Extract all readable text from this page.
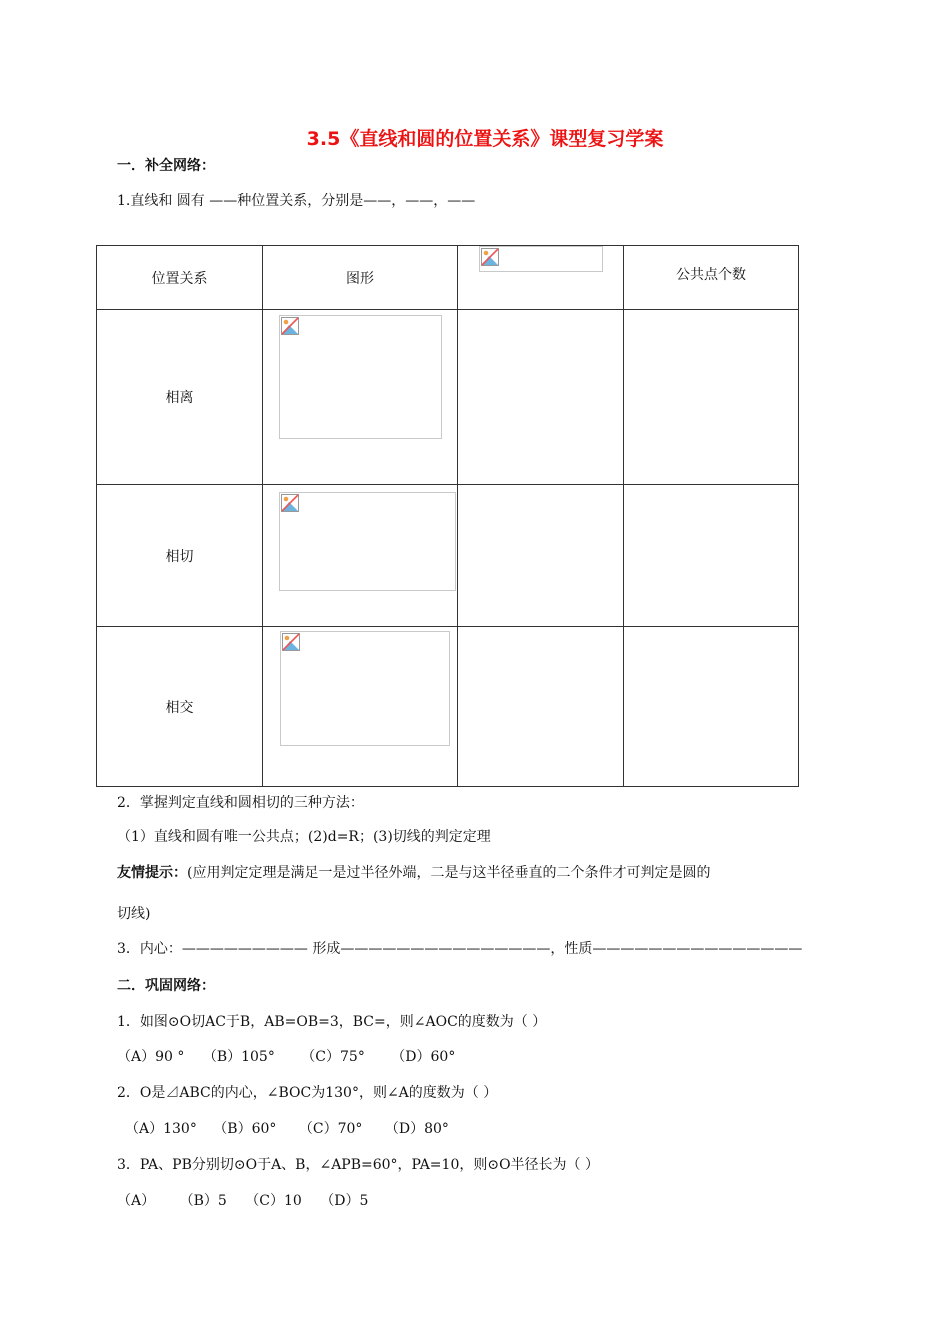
3.5《直线和圆的位置关系》课型复习学案
一．补全网络：
1.直线和 圆有 ——种位置关系，分别是——，——，——
位置关系	图形		公共点个数
相离	

相切	

相交	

2．掌握判定直线和圆相切的三种方法：
（1）直线和圆有唯一公共点；(2)d=R；(3)切线的判定定理
友情提示：(应用判定定理是满足一是过半径外端，二是与这半径垂直的二个条件才可判定是圆的
切线)
3．内心：————————— 形成———————————————，性质———————————————
二．巩固网络：
1．如图⊙O切AC于B，AB=OB=3，BC=，则∠AOC的度数为（ ）
（A）90 ° （B）105° （C）75° （D）60°
2．O是⊿ABC的内心，∠BOC为130°，则∠A的度数为（ ）
（A）130° （B）60° （C）70° （D）80°
3．PA、PB分别切⊙O于A、B，∠APB=60°，PA=10，则⊙O半径长为（ ）
（A） （B）5 （C）10 （D）5
